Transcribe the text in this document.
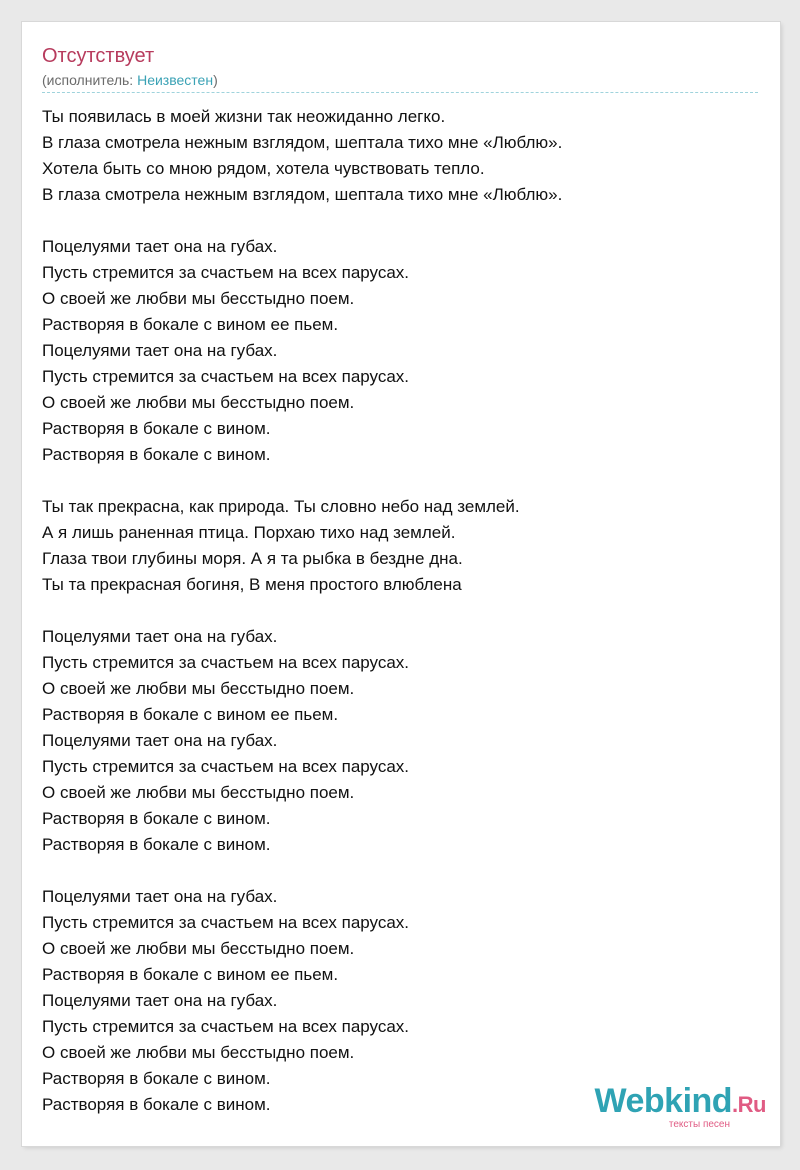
Отсутствует
(исполнитель: Неизвестен)
Ты появилась в моей жизни так неожиданно легко.
В глаза смотрела нежным взглядом, шептала тихо мне «Люблю».
Хотела быть со мною рядом, хотела чувствовать тепло.
В глаза смотрела нежным взглядом, шептала тихо мне «Люблю».
Поцелуями тает она на губах.
Пусть стремится за счастьем на всех парусах.
О своей же любви мы бесстыдно поем.
Растворяя в бокале с вином ее пьем.
Поцелуями тает она на губах.
Пусть стремится за счастьем на всех парусах.
О своей же любви мы бесстыдно поем.
Растворяя в бокале с вином.
Растворяя в бокале с вином.
Ты так прекрасна, как природа. Ты словно небо над землей.
А я лишь раненная птица. Порхаю тихо над землей.
Глаза твои глубины моря. А я та рыбка в бездне дна.
Ты та прекрасная богиня, В меня простого влюблена
Поцелуями тает она на губах.
Пусть стремится за счастьем на всех парусах.
О своей же любви мы бесстыдно поем.
Растворяя в бокале с вином ее пьем.
Поцелуями тает она на губах.
Пусть стремится за счастьем на всех парусах.
О своей же любви мы бесстыдно поем.
Растворяя в бокале с вином.
Растворяя в бокале с вином.
Поцелуями тает она на губах.
Пусть стремится за счастьем на всех парусах.
О своей же любви мы бесстыдно поем.
Растворяя в бокале с вином ее пьем.
Поцелуями тает она на губах.
Пусть стремится за счастьем на всех парусах.
О своей же любви мы бесстыдно поем.
Растворяя в бокале с вином.
Растворяя в бокале с вином.	Webkind.Ru
тексты песен
